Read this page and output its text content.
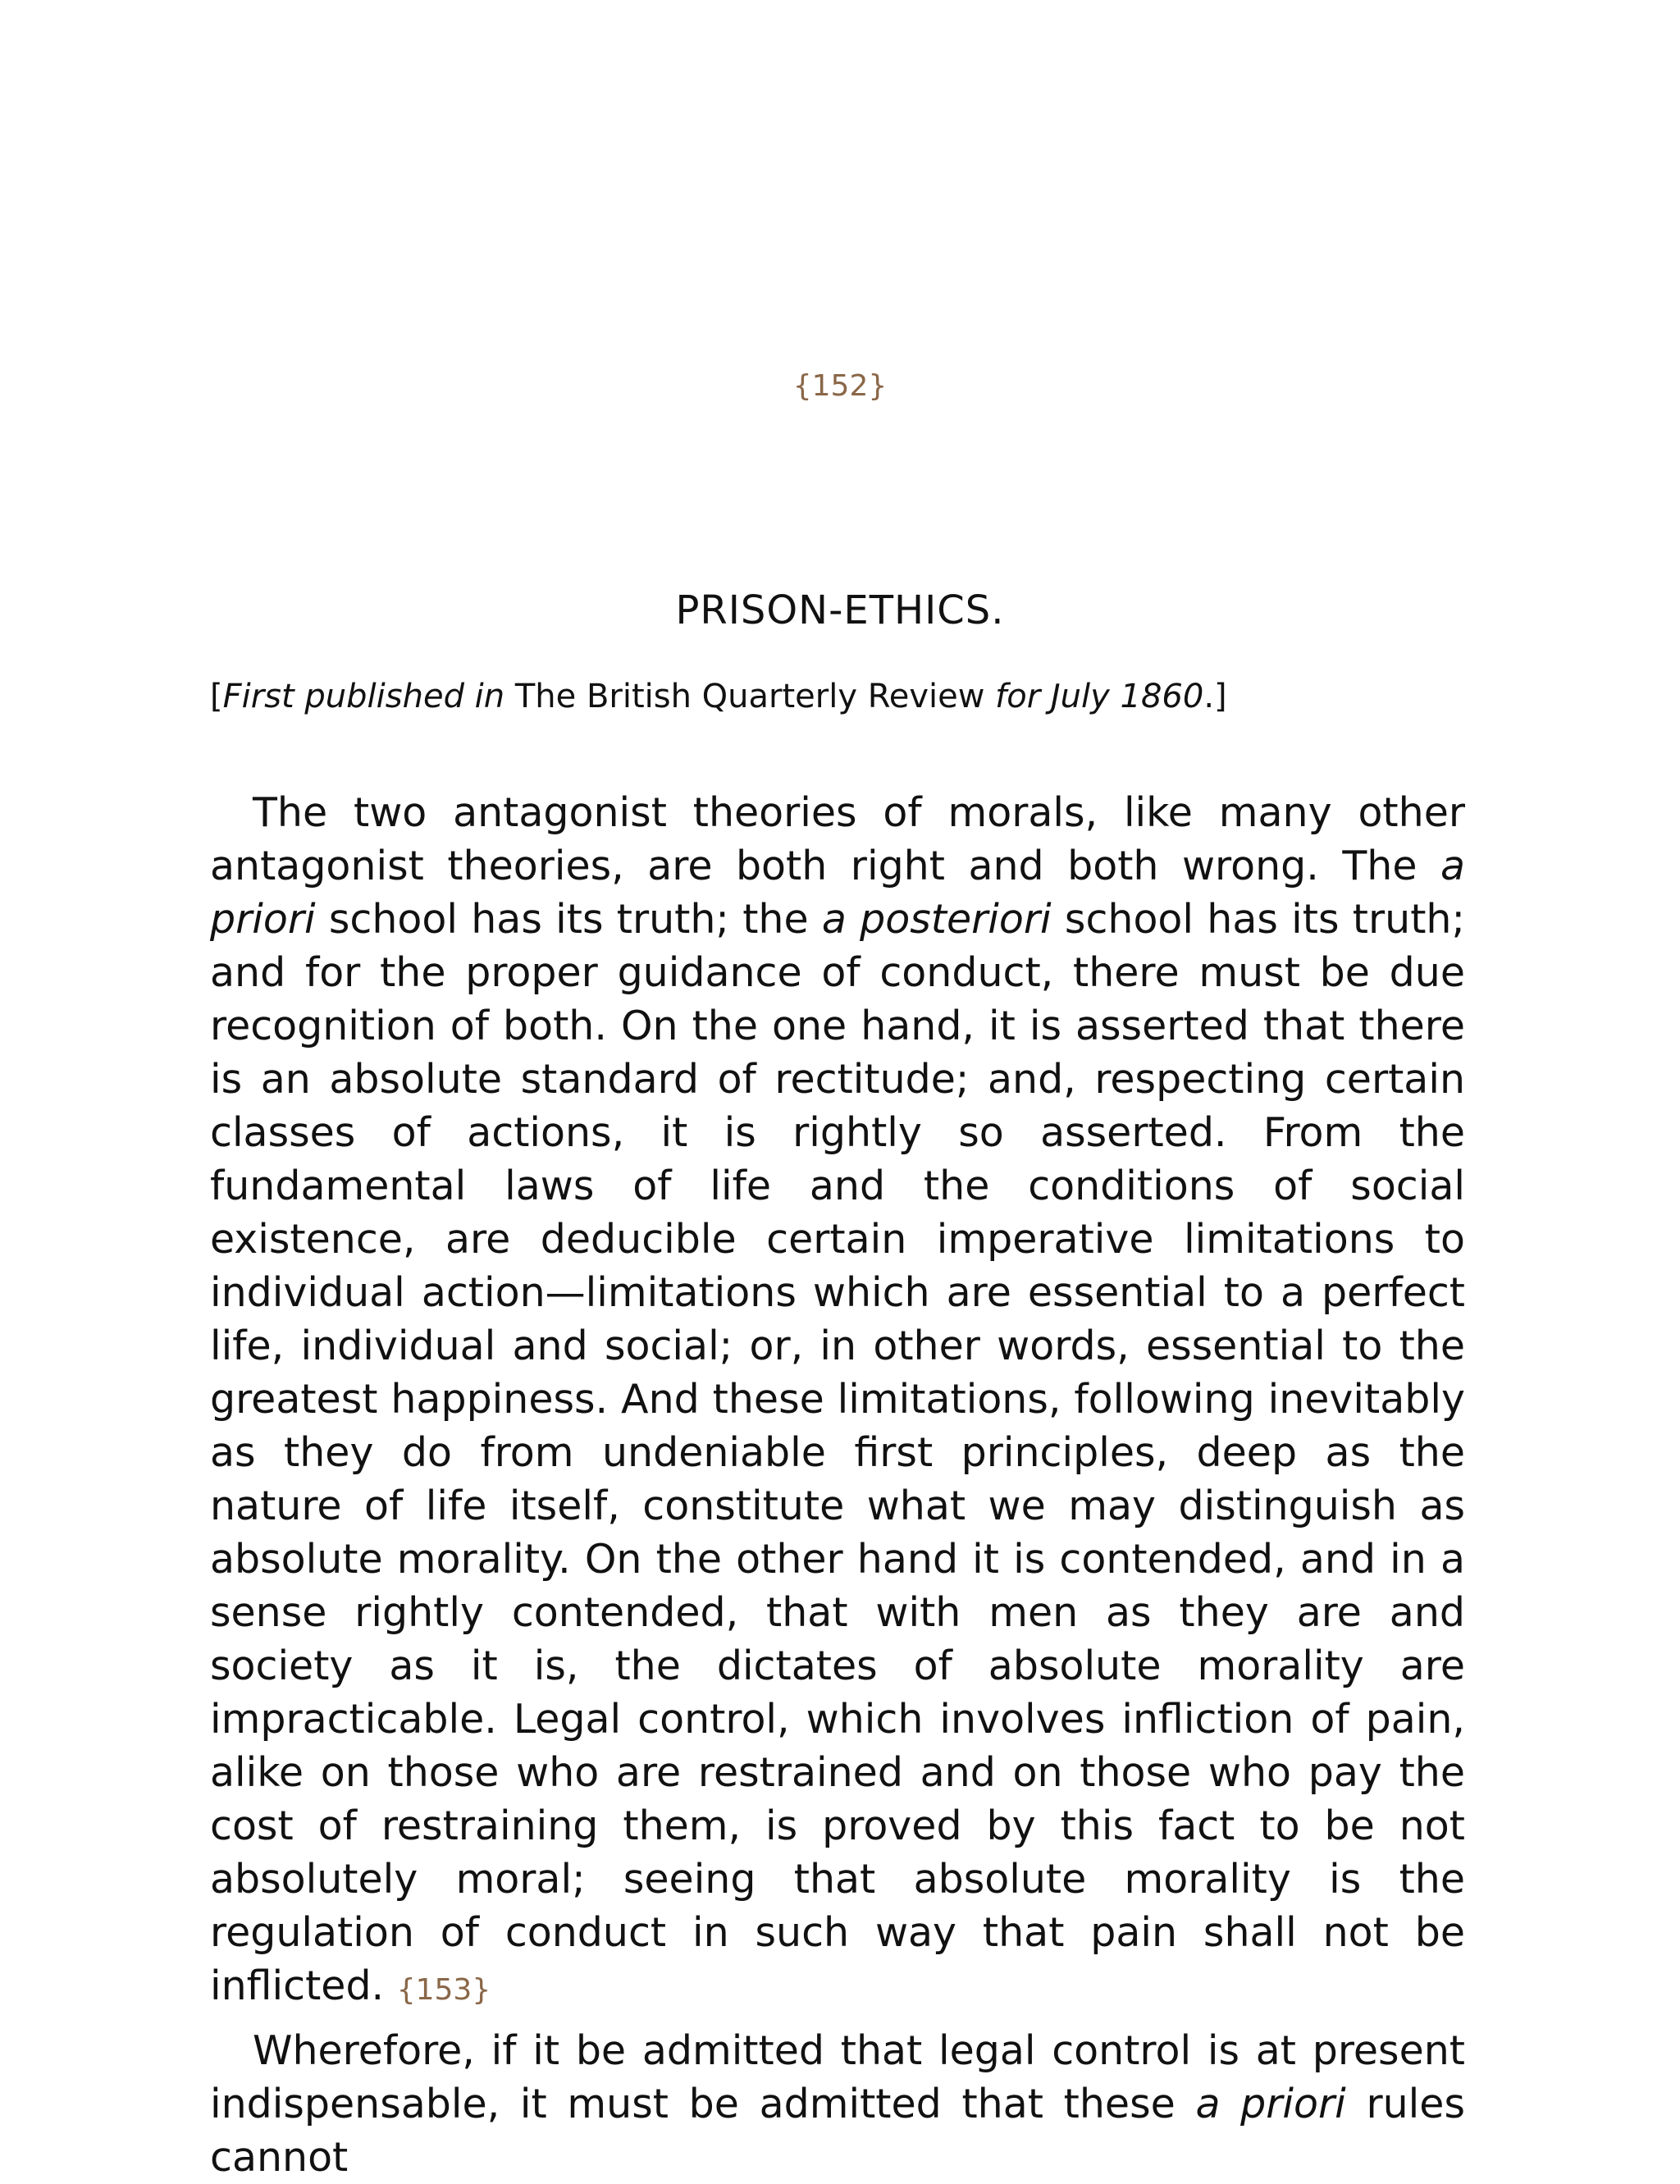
{152}
PRISON-ETHICS.
[First published in The British Quarterly Review for July 1860.]

The two antagonist theories of morals, like many other antagonist theories, are both right and both wrong. The a priori school has its truth; the a posteriori school has its truth; and for the proper guidance of conduct, there must be due recognition of both. On the one hand, it is asserted that there is an absolute standard of rectitude; and, respecting certain classes of actions, it is rightly so asserted. From the fundamental laws of life and the conditions of social existence, are deducible certain imperative limitations to individual action—limitations which are essential to a perfect life, individual and social; or, in other words, essential to the greatest happiness. And these limitations, following inevitably as they do from undeniable first principles, deep as the nature of life itself, constitute what we may distinguish as absolute morality. On the other hand it is contended, and in a sense rightly contended, that with men as they are and society as it is, the dictates of absolute morality are impracticable. Legal control, which involves infliction of pain, alike on those who are restrained and on those who pay the cost of restraining them, is proved by this fact to be not absolutely moral; seeing that absolute morality is the regulation of conduct in such way that pain shall not be inflicted. {153}

Wherefore, if it be admitted that legal control is at present indispensable, it must be admitted that these a priori rules cannot
